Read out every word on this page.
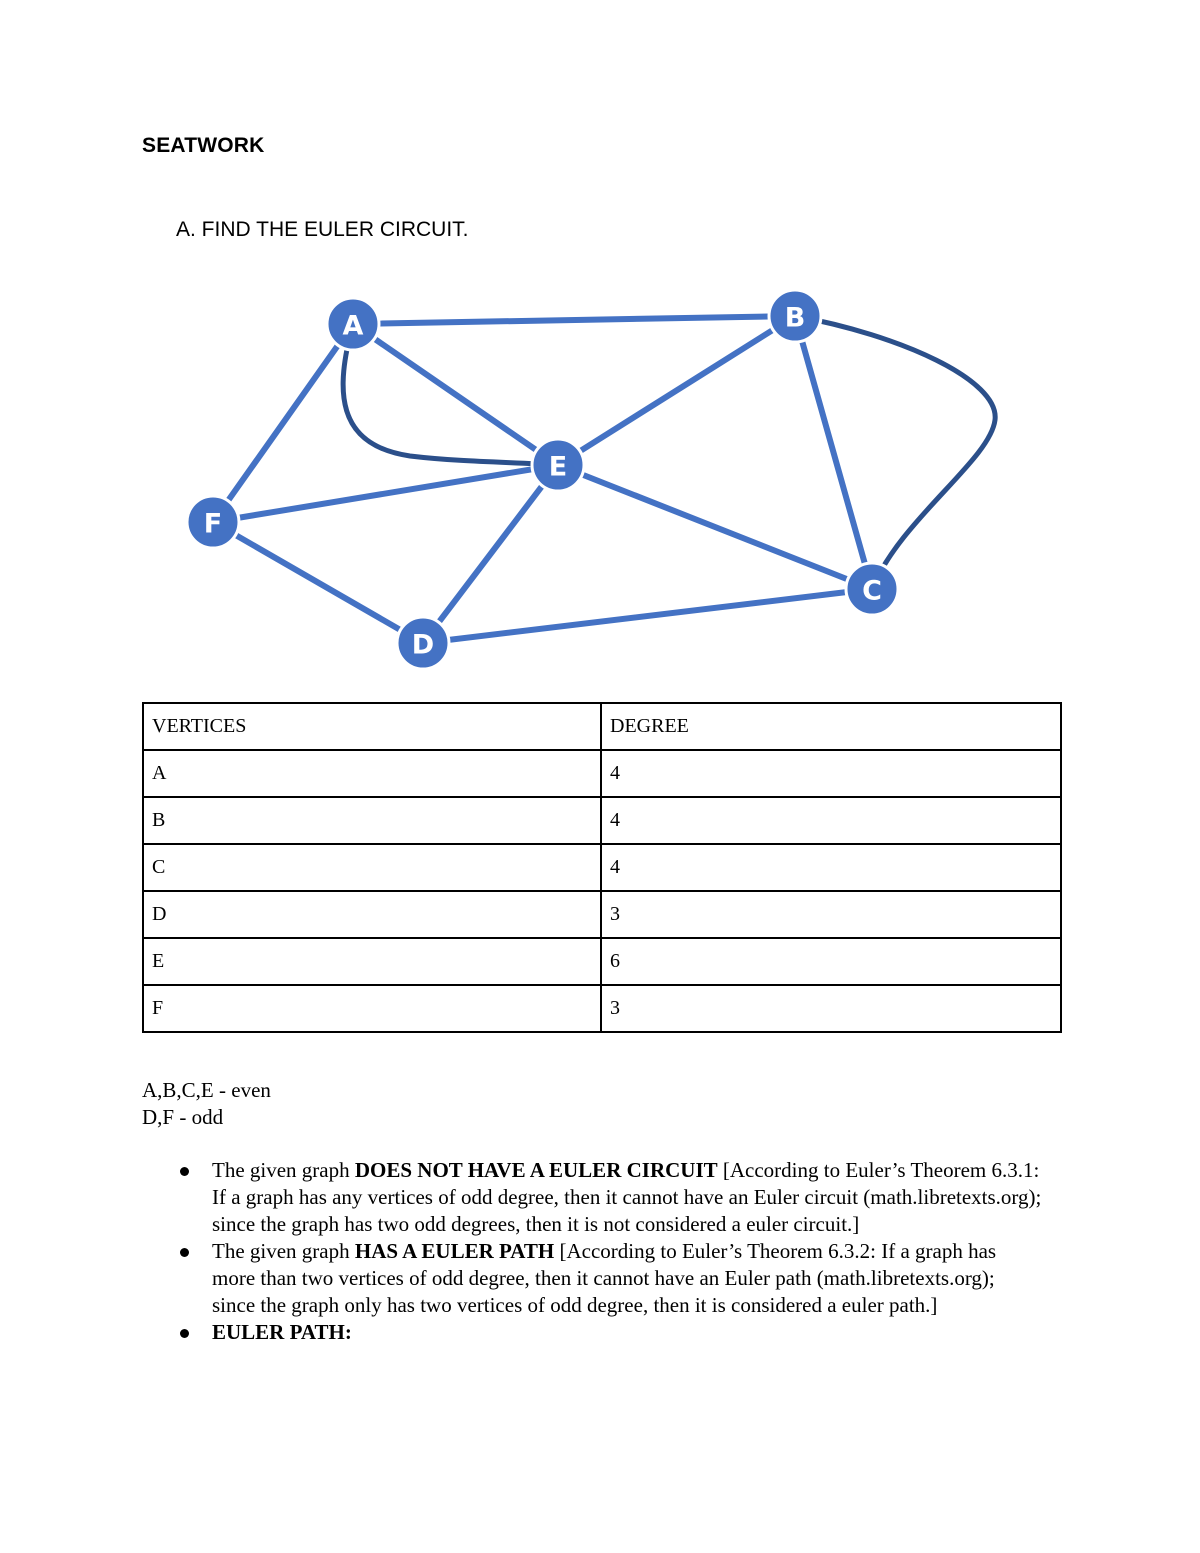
SEATWORK
A. FIND THE EULER CIRCUIT.
A	B
C
D
E
F
VERTICES	DEGREE
A	4
B	4
C	4
D	3
E	6
F	3
A,B,C,E - even
D,F - odd
The given graph DOES NOT HAVE A EULER CIRCUIT [According to Euler’s Theorem 6.3.1: If a graph has any vertices of odd degree, then it cannot have an Euler circuit (math.libretexts.org); since the graph has two odd degrees, then it is not considered a euler circuit.]
The given graph HAS A EULER PATH [According to Euler’s Theorem 6.3.2: If a graph has more than two vertices of odd degree, then it cannot have an Euler path (math.libretexts.org); since the graph only has two vertices of odd degree, then it is considered a euler path.]
EULER PATH:
